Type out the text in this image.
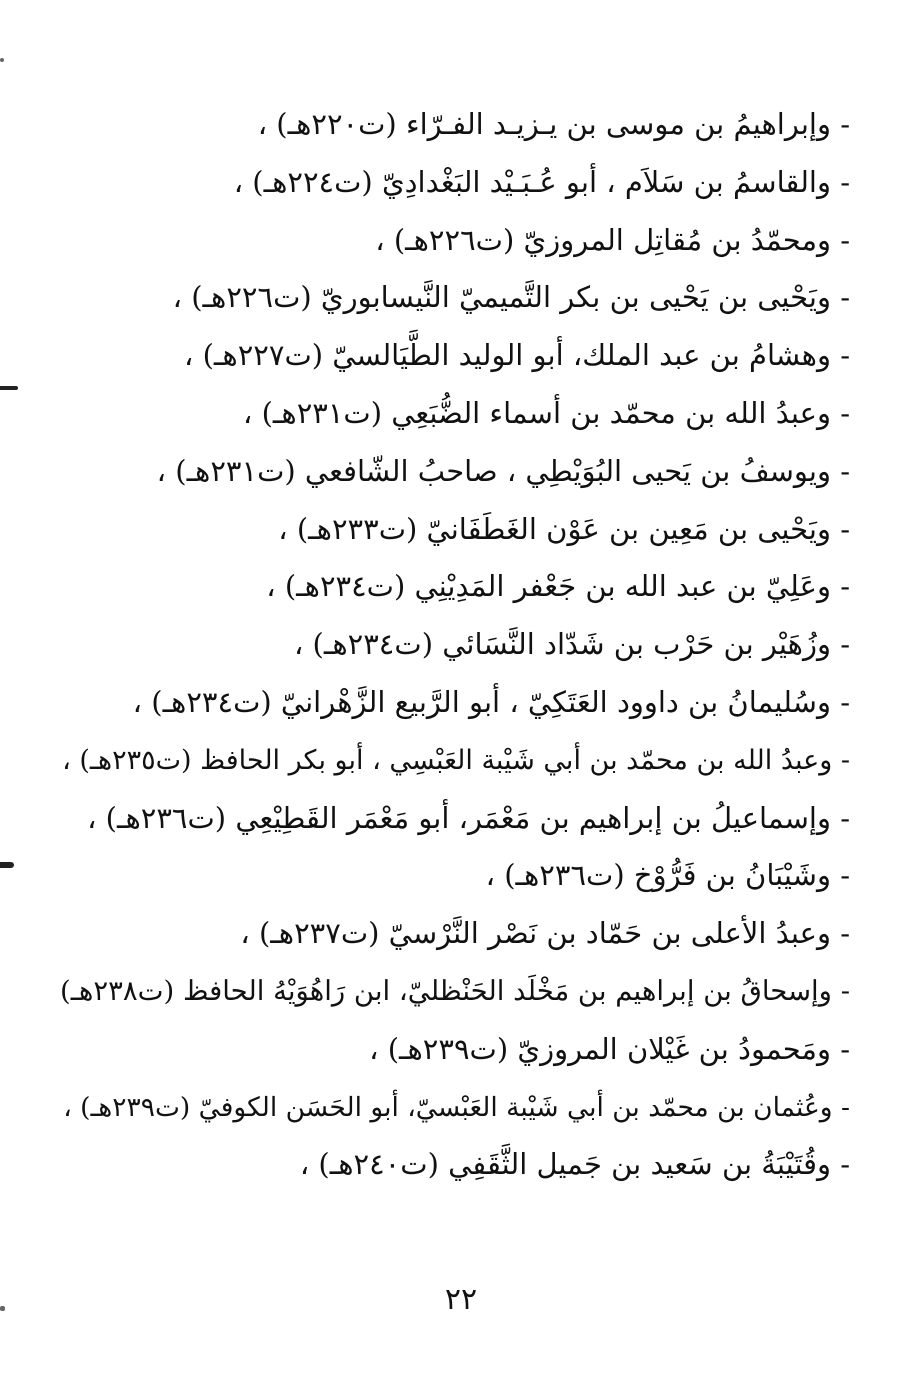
- وإبراهيمُ بن موسى بن يـزيـد الفـرّاء (ت٢٢٠هـ) ،
- والقاسمُ بن سَلاَم ، أبو عُـبَـيْد البَغْدادِيّ (ت٢٢٤هـ) ،
- ومحمّدُ بن مُقاتِل المروزيّ (ت٢٢٦هـ) ،
- ويَحْيى بن يَحْيى بن بكر التَّميميّ النَّيسابوريّ (ت٢٢٦هـ) ،
- وهشامُ بن عبد الملك، أبو الوليد الطَّيَالسيّ (ت٢٢٧هـ) ،
- وعبدُ الله بن محمّد بن أسماء الضُّبَعِي (ت٢٣١هـ) ،
- ويوسفُ بن يَحيى البُوَيْطِي ، صاحبُ الشّافعي (ت٢٣١هـ) ،
- ويَحْيى بن مَعِين بن عَوْن الغَطَفَانيّ (ت٢٣٣هـ) ،
- وعَلِيّ بن عبد الله بن جَعْفر المَدِيْنِي (ت٢٣٤هـ) ،
- وزُهَيْر بن حَرْب بن شَدّاد النَّسَائي (ت٢٣٤هـ) ،
- وسُليمانُ بن داوود العَتَكِيّ ، أبو الرَّبيع الزَّهْرانيّ (ت٢٣٤هـ) ،
- وعبدُ الله بن محمّد بن أبي شَيْبة العَبْسِي ، أبو بكر الحافظ (ت٢٣٥هـ) ،
- وإسماعيلُ بن إبراهيم بن مَعْمَر، أبو مَعْمَر القَطِيْعِي (ت٢٣٦هـ) ،
- وشَيْبَانُ بن فَرُّوْخ (ت٢٣٦هـ) ،
- وعبدُ الأعلى بن حَمّاد بن نَصْر النَّرْسيّ (ت٢٣٧هـ) ،
- وإسحاقُ بن إبراهيم بن مَخْلَد الحَنْظليّ، ابن رَاهُوَيْهُ الحافظ (ت٢٣٨هـ)
- ومَحمودُ بن غَيْلان المروزيّ (ت٢٣٩هـ) ،
- وعُثمان بن محمّد بن أبي شَيْبة العَبْسيّ، أبو الحَسَن الكوفيّ (ت٢٣٩هـ) ،
- وقُتَيْبَةُ بن سَعيد بن جَميل الثَّقَفِي (ت٢٤٠هـ) ،
٢٢
